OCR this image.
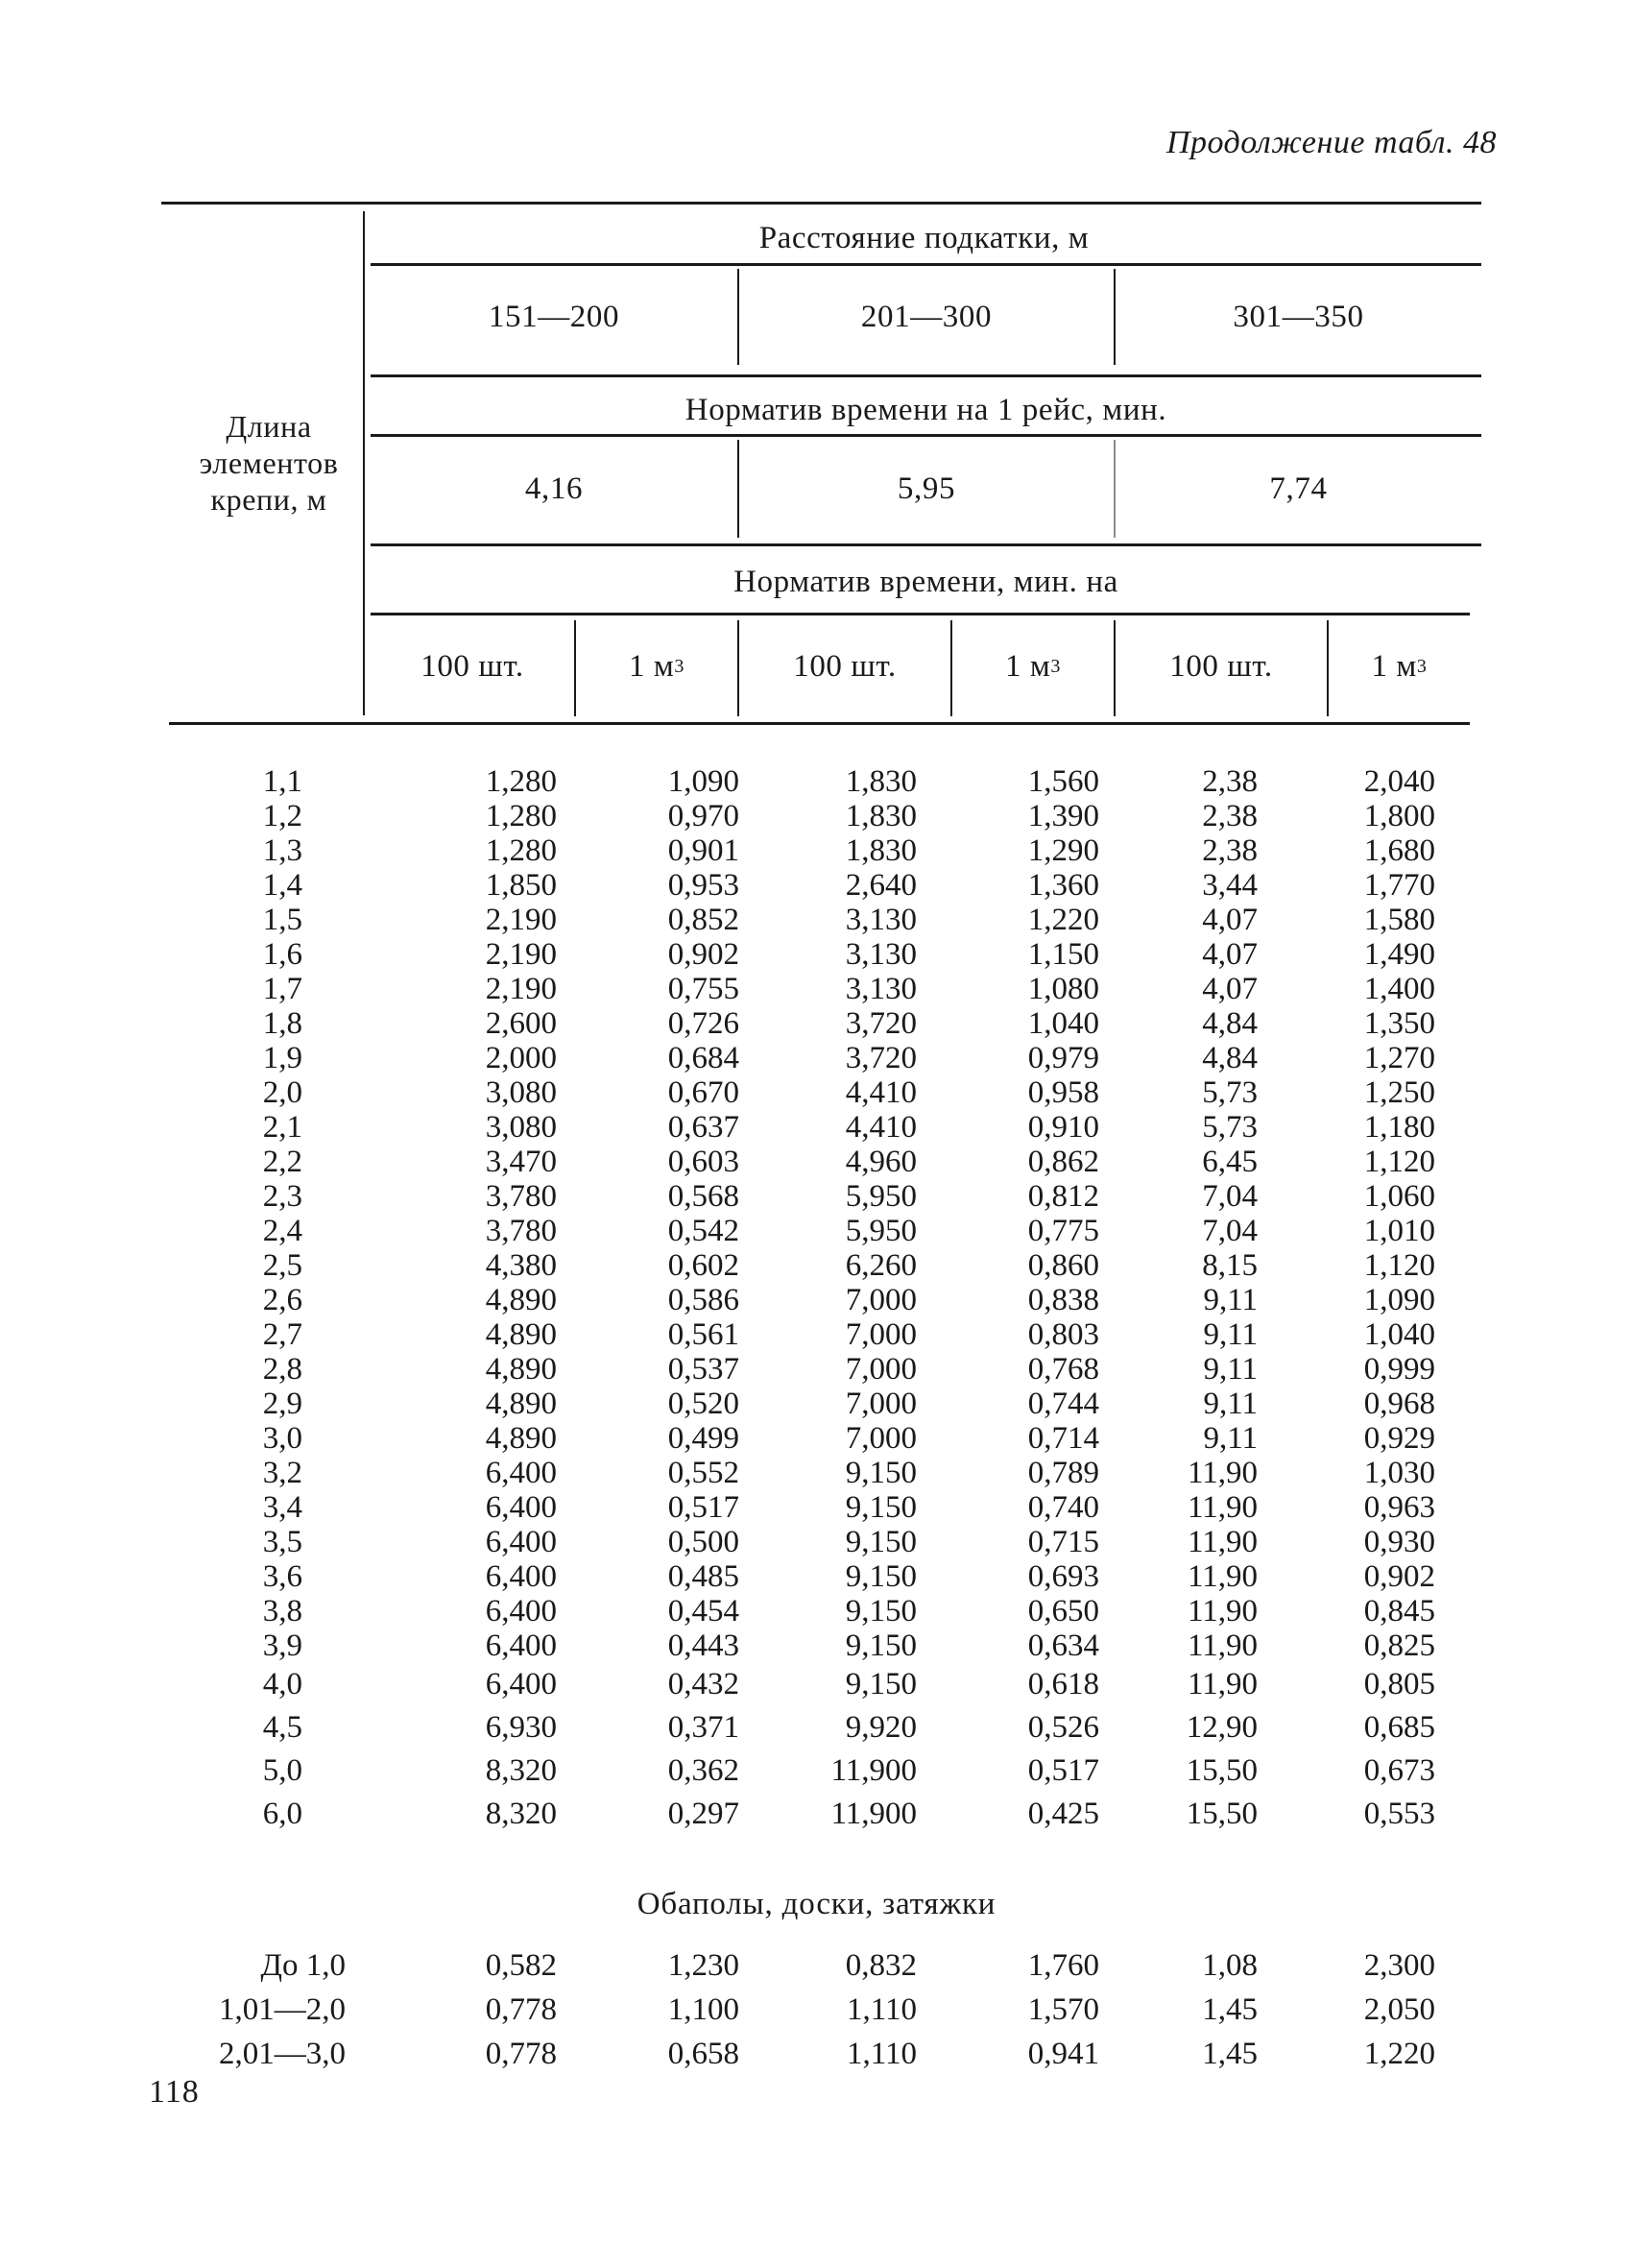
Продолжение табл. 48
Длина элементов крепи, м
Расстояние подкатки, м
151—200	201—300	301—350
Норматив времени на 1 рейс, мин.
4,16	5,95	7,74
Норматив времени, мин. на
100 шт.	1 м 3	100 шт.	1 м 3	100 шт.	1 м 3
1,1	1,280	1,090	1,830	1,560	2,38	2,040
1,2	1,280	0,970	1,830	1,390	2,38	1,800
1,3	1,280	0,901	1,830	1,290	2,38	1,680
1,4	1,850	0,953	2,640	1,360	3,44	1,770
1,5	2,190	0,852	3,130	1,220	4,07	1,580
1,6	2,190	0,902	3,130	1,150	4,07	1,490
1,7	2,190	0,755	3,130	1,080	4,07	1,400
1,8	2,600	0,726	3,720	1,040	4,84	1,350
1,9	2,000	0,684	3,720	0,979	4,84	1,270
2,0	3,080	0,670	4,410	0,958	5,73	1,250
2,1	3,080	0,637	4,410	0,910	5,73	1,180
2,2	3,470	0,603	4,960	0,862	6,45	1,120
2,3	3,780	0,568	5,950	0,812	7,04	1,060
2,4	3,780	0,542	5,950	0,775	7,04	1,010
2,5	4,380	0,602	6,260	0,860	8,15	1,120
2,6	4,890	0,586	7,000	0,838	9,11	1,090
2,7	4,890	0,561	7,000	0,803	9,11	1,040
2,8	4,890	0,537	7,000	0,768	9,11	0,999
2,9	4,890	0,520	7,000	0,744	9,11	0,968
3,0	4,890	0,499	7,000	0,714	9,11	0,929
3,2	6,400	0,552	9,150	0,789	11,90	1,030
3,4	6,400	0,517	9,150	0,740	11,90	0,963
3,5	6,400	0,500	9,150	0,715	11,90	0,930
3,6	6,400	0,485	9,150	0,693	11,90	0,902
3,8	6,400	0,454	9,150	0,650	11,90	0,845
3,9	6,400	0,443	9,150	0,634	11,90	0,825
4,0	6,400	0,432	9,150	0,618	11,90	0,805
4,5	6,930	0,371	9,920	0,526	12,90	0,685
5,0	8,320	0,362	11,900	0,517	15,50	0,673
6,0	8,320	0,297	11,900	0,425	15,50	0,553
Обаполы, доски, затяжки
До 1,0	0,582	1,230	0,832	1,760	1,08	2,300
1,01—2,0	0,778	1,100	1,110	1,570	1,45	2,050
2,01—3,0	0,778	0,658	1,110	0,941	1,45	1,220
118
